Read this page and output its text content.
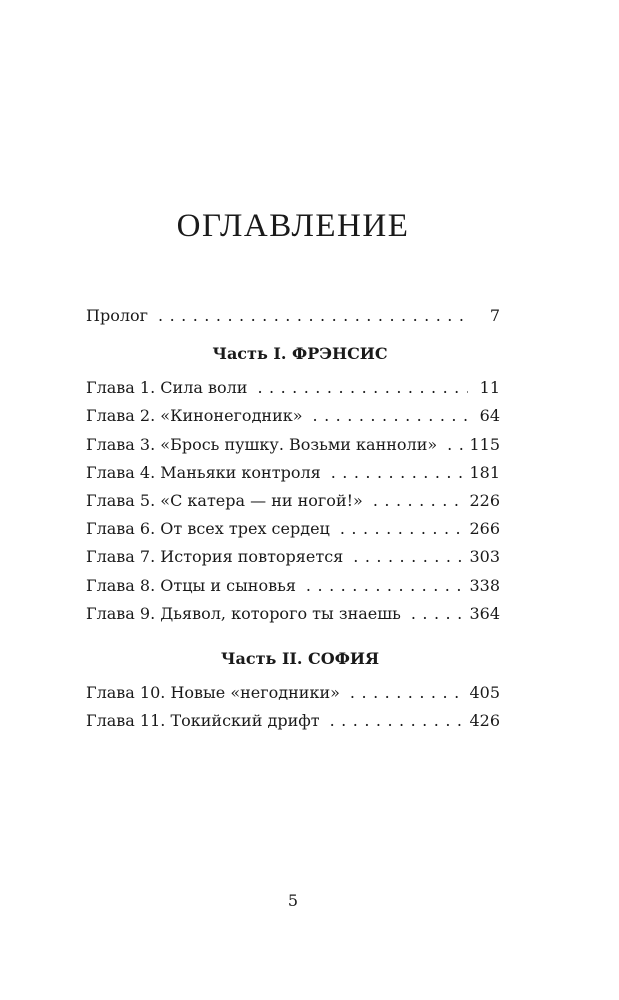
ОГЛАВЛЕНИЕ
Пролог . . .	7
Часть I. ФРЭНСИС
Глава 1. Сила воли . . .	11
Глава 2. «Кинонегодник» . . .	64
Глава 3. «Брось пушку. Возьми канноли» . . . 115
Глава 4. Маньяки контроля . . .	181
Глава 5. «С катера — ни ногой!» . . .	226
Глава 6. От всех трех сердец . . .	266
Глава 7. История повторяется . . .	303
Глава 8. Отцы и сыновья . . .	338
Глава 9. Дьявол, которого ты знаешь . . .	364
Часть II. СОФИЯ
Глава 10. Новые «негодники» . . .	405
Глава 11. Токийский дрифт . . .	426
5
